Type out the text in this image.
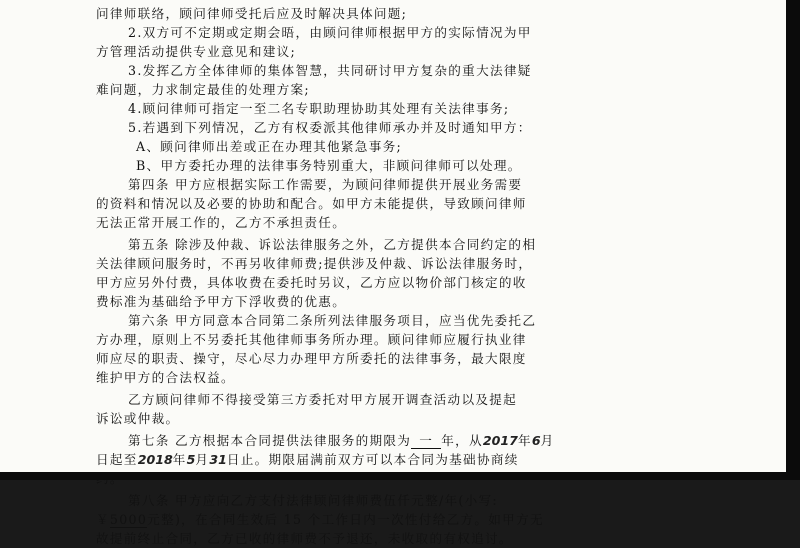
问律师联络，顾问律师受托后应及时解决具体问题;
2.双方可不定期或定期会晤，由顾问律师根据甲方的实际情况为甲
方管理活动提供专业意见和建议;
3.发挥乙方全体律师的集体智慧，共同研讨甲方复杂的重大法律疑
难问题，力求制定最佳的处理方案;
4.顾问律师可指定一至二名专职助理协助其处理有关法律事务;
5.若遇到下列情况，乙方有权委派其他律师承办并及时通知甲方：
A、顾问律师出差或正在办理其他紧急事务;
B、甲方委托办理的法律事务特别重大，非顾问律师可以处理。
第四条 甲方应根据实际工作需要，为顾问律师提供开展业务需要
的资料和情况以及必要的协助和配合。如甲方未能提供，导致顾问律师
无法正常开展工作的，乙方不承担责任。
第五条 除涉及仲裁、诉讼法律服务之外，乙方提供本合同约定的相
关法律顾问服务时，不再另收律师费;提供涉及仲裁、诉讼法律服务时，
甲方应另外付费，具体收费在委托时另议，乙方应以物价部门核定的收
费标准为基础给予甲方下浮收费的优惠。
第六条 甲方同意本合同第二条所列法律服务项目，应当优先委托乙
方办理，原则上不另委托其他律师事务所办理。顾问律师应履行执业律
师应尽的职责、操守，尽心尽力办理甲方所委托的法律事务，最大限度
维护甲方的合法权益。
乙方顾问律师不得接受第三方委托对甲方展开调查活动以及提起
诉讼或仲裁。
第七条 乙方根据本合同提供法律服务的期限为 一 年，从2017年6月
日起至2018年5月31日止。期限届满前双方可以本合同为基础协商续
第八条 甲方应向乙方支付法律顾问律师费伍仟元整/年(小写:
￥5000元整)，在合同生效后 15 个工作日内一次性付给乙方。如甲方无
故提前终止合同，乙方已收的律师费不予退还，未收取的有权追讨。
